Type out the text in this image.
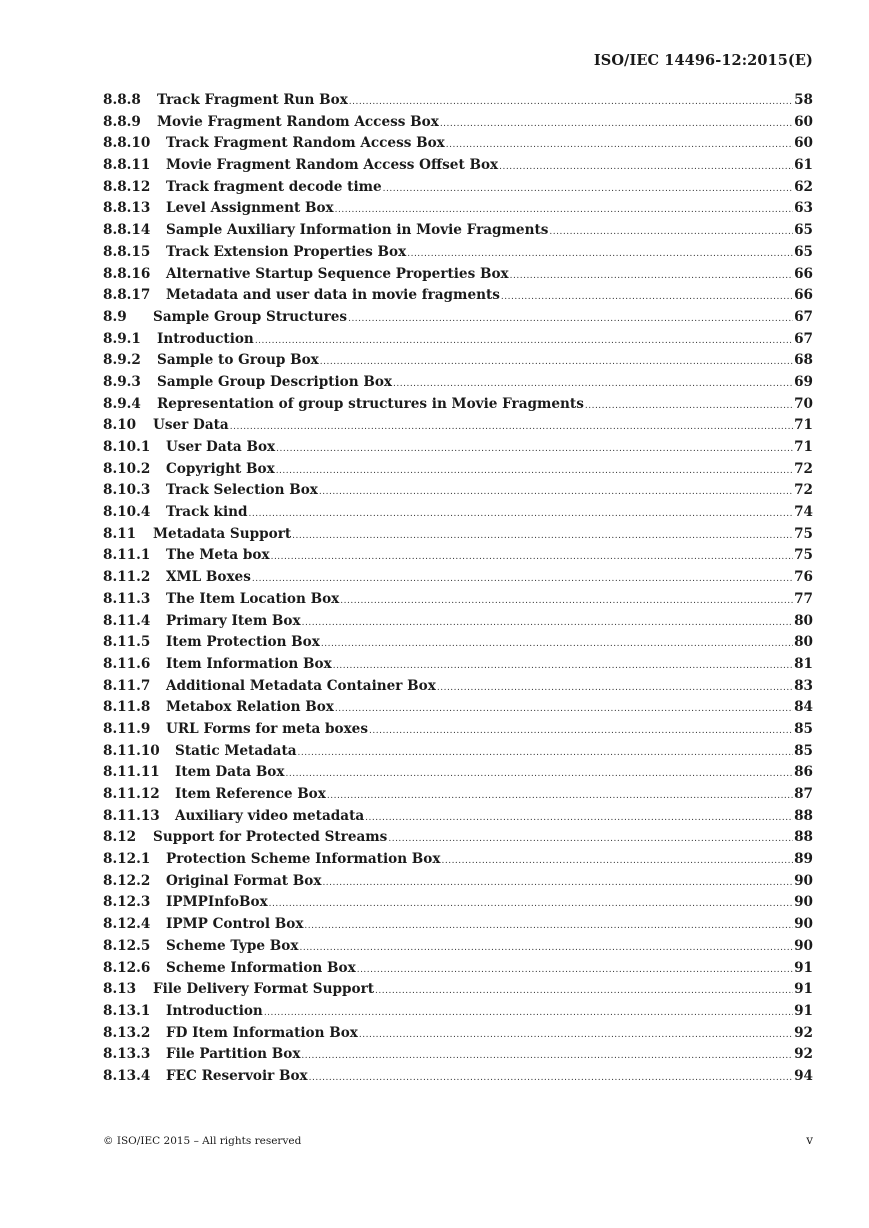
ISO/IEC 14496-12:2015(E)
8.8.8	Track Fragment Run Box .....	58
8.8.9	Movie Fragment Random Access Box .....	60
8.8.10	Track Fragment Random Access Box .....	60
8.8.11	Movie Fragment Random Access Offset Box .....	61
8.8.12	Track fragment decode time .....	62
8.8.13	Level Assignment Box .....	63
8.8.14	Sample Auxiliary Information in Movie Fragments .....	65
8.8.15	Track Extension Properties Box .....	65
8.8.16	Alternative Startup Sequence Properties Box .....	66
8.8.17	Metadata and user data in movie fragments .....	66
8.9	Sample Group Structures .....	67
8.9.1	Introduction .....	67
8.9.2	Sample to Group Box .....	68
8.9.3	Sample Group Description Box .....	69
8.9.4	Representation of group structures in Movie Fragments .....	70
8.10	User Data .....	71
8.10.1	User Data Box .....	71
8.10.2	Copyright Box .....	72
8.10.3	Track Selection Box .....	72
8.10.4	Track kind .....	74
8.11	Metadata Support .....	75
8.11.1	The Meta box .....	75
8.11.2	XML Boxes .....	76
8.11.3	The Item Location Box .....	77
8.11.4	Primary Item Box .....	80
8.11.5	Item Protection Box .....	80
8.11.6	Item Information Box .....	81
8.11.7	Additional Metadata Container Box .....	83
8.11.8	Metabox Relation Box .....	84
8.11.9	URL Forms for meta boxes .....	85
8.11.10	Static Metadata .....	85
8.11.11	Item Data Box .....	86
8.11.12	Item Reference Box .....	87
8.11.13	Auxiliary video metadata .....	88
8.12	Support for Protected Streams .....	88
8.12.1	Protection Scheme Information Box .....	89
8.12.2	Original Format Box .....	90
8.12.3	IPMPInfoBox .....	90
8.12.4	IPMP Control Box .....	90
8.12.5	Scheme Type Box .....	90
8.12.6	Scheme Information Box .....	91
8.13	File Delivery Format Support .....	91
8.13.1	Introduction .....	91
8.13.2	FD Item Information Box .....	92
8.13.3	File Partition Box .....	92
8.13.4	FEC Reservoir Box .....	94
© ISO/IEC 2015 – All rights reserved	v
